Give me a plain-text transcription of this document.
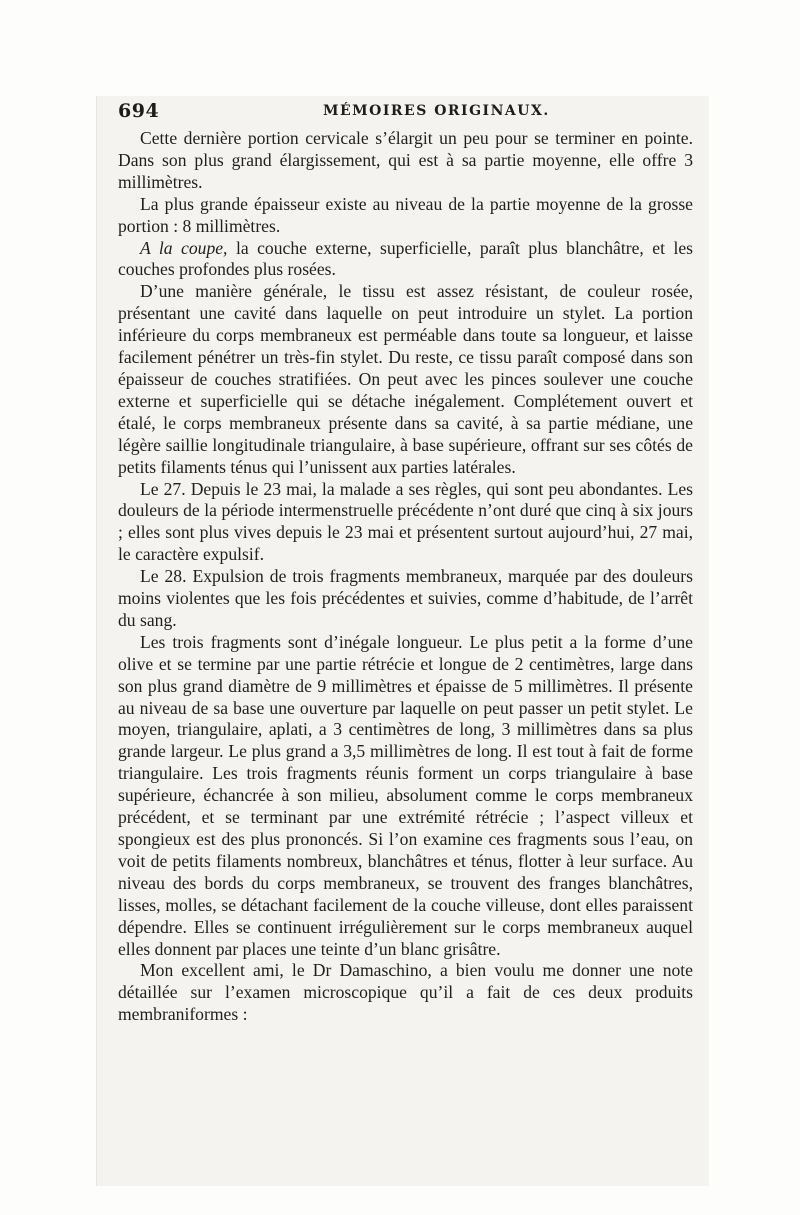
694	MÉMOIRES ORIGINAUX.

Cette dernière portion cervicale s’élargit un peu pour se terminer en pointe. Dans son plus grand élargissement, qui est à sa partie moyenne, elle offre 3 millimètres.

La plus grande épaisseur existe au niveau de la partie moyenne de la grosse portion : 8 millimètres.

A la coupe, la couche externe, superficielle, paraît plus blanchâtre, et les couches profondes plus rosées.

D’une manière générale, le tissu est assez résistant, de couleur rosée, présentant une cavité dans laquelle on peut introduire un stylet. La portion inférieure du corps membraneux est perméable dans toute sa longueur, et laisse facilement pénétrer un très-fin stylet. Du reste, ce tissu paraît composé dans son épaisseur de couches stratifiées. On peut avec les pinces soulever une couche externe et superficielle qui se détache inégalement. Complétement ouvert et étalé, le corps membraneux présente dans sa cavité, à sa partie médiane, une légère saillie longitudinale triangulaire, à base supérieure, offrant sur ses côtés de petits filaments ténus qui l’unissent aux parties latérales.

Le 27. Depuis le 23 mai, la malade a ses règles, qui sont peu abondantes. Les douleurs de la période intermenstruelle précédente n’ont duré que cinq à six jours ; elles sont plus vives depuis le 23 mai et présentent surtout aujourd’hui, 27 mai, le caractère expulsif.

Le 28. Expulsion de trois fragments membraneux, marquée par des douleurs moins violentes que les fois précédentes et suivies, comme d’habitude, de l’arrêt du sang.

Les trois fragments sont d’inégale longueur. Le plus petit a la forme d’une olive et se termine par une partie rétrécie et longue de 2 centimètres, large dans son plus grand diamètre de 9 millimètres et épaisse de 5 millimètres. Il présente au niveau de sa base une ouverture par laquelle on peut passer un petit stylet. Le moyen, triangulaire, aplati, a 3 centimètres de long, 3 millimètres dans sa plus grande largeur. Le plus grand a 3,5 millimètres de long. Il est tout à fait de forme triangulaire. Les trois fragments réunis forment un corps triangulaire à base supérieure, échancrée à son milieu, absolument comme le corps membraneux précédent, et se terminant par une extrémité rétrécie ; l’aspect villeux et spongieux est des plus prononcés. Si l’on examine ces fragments sous l’eau, on voit de petits filaments nombreux, blanchâtres et ténus, flotter à leur surface. Au niveau des bords du corps membraneux, se trouvent des franges blanchâtres, lisses, molles, se détachant facilement de la couche villeuse, dont elles paraissent dépendre. Elles se continuent irrégulièrement sur le corps membraneux auquel elles donnent par places une teinte d’un blanc grisâtre.

Mon excellent ami, le Dr Damaschino, a bien voulu me donner une note détaillée sur l’examen microscopique qu’il a fait de ces deux produits membraniformes :
